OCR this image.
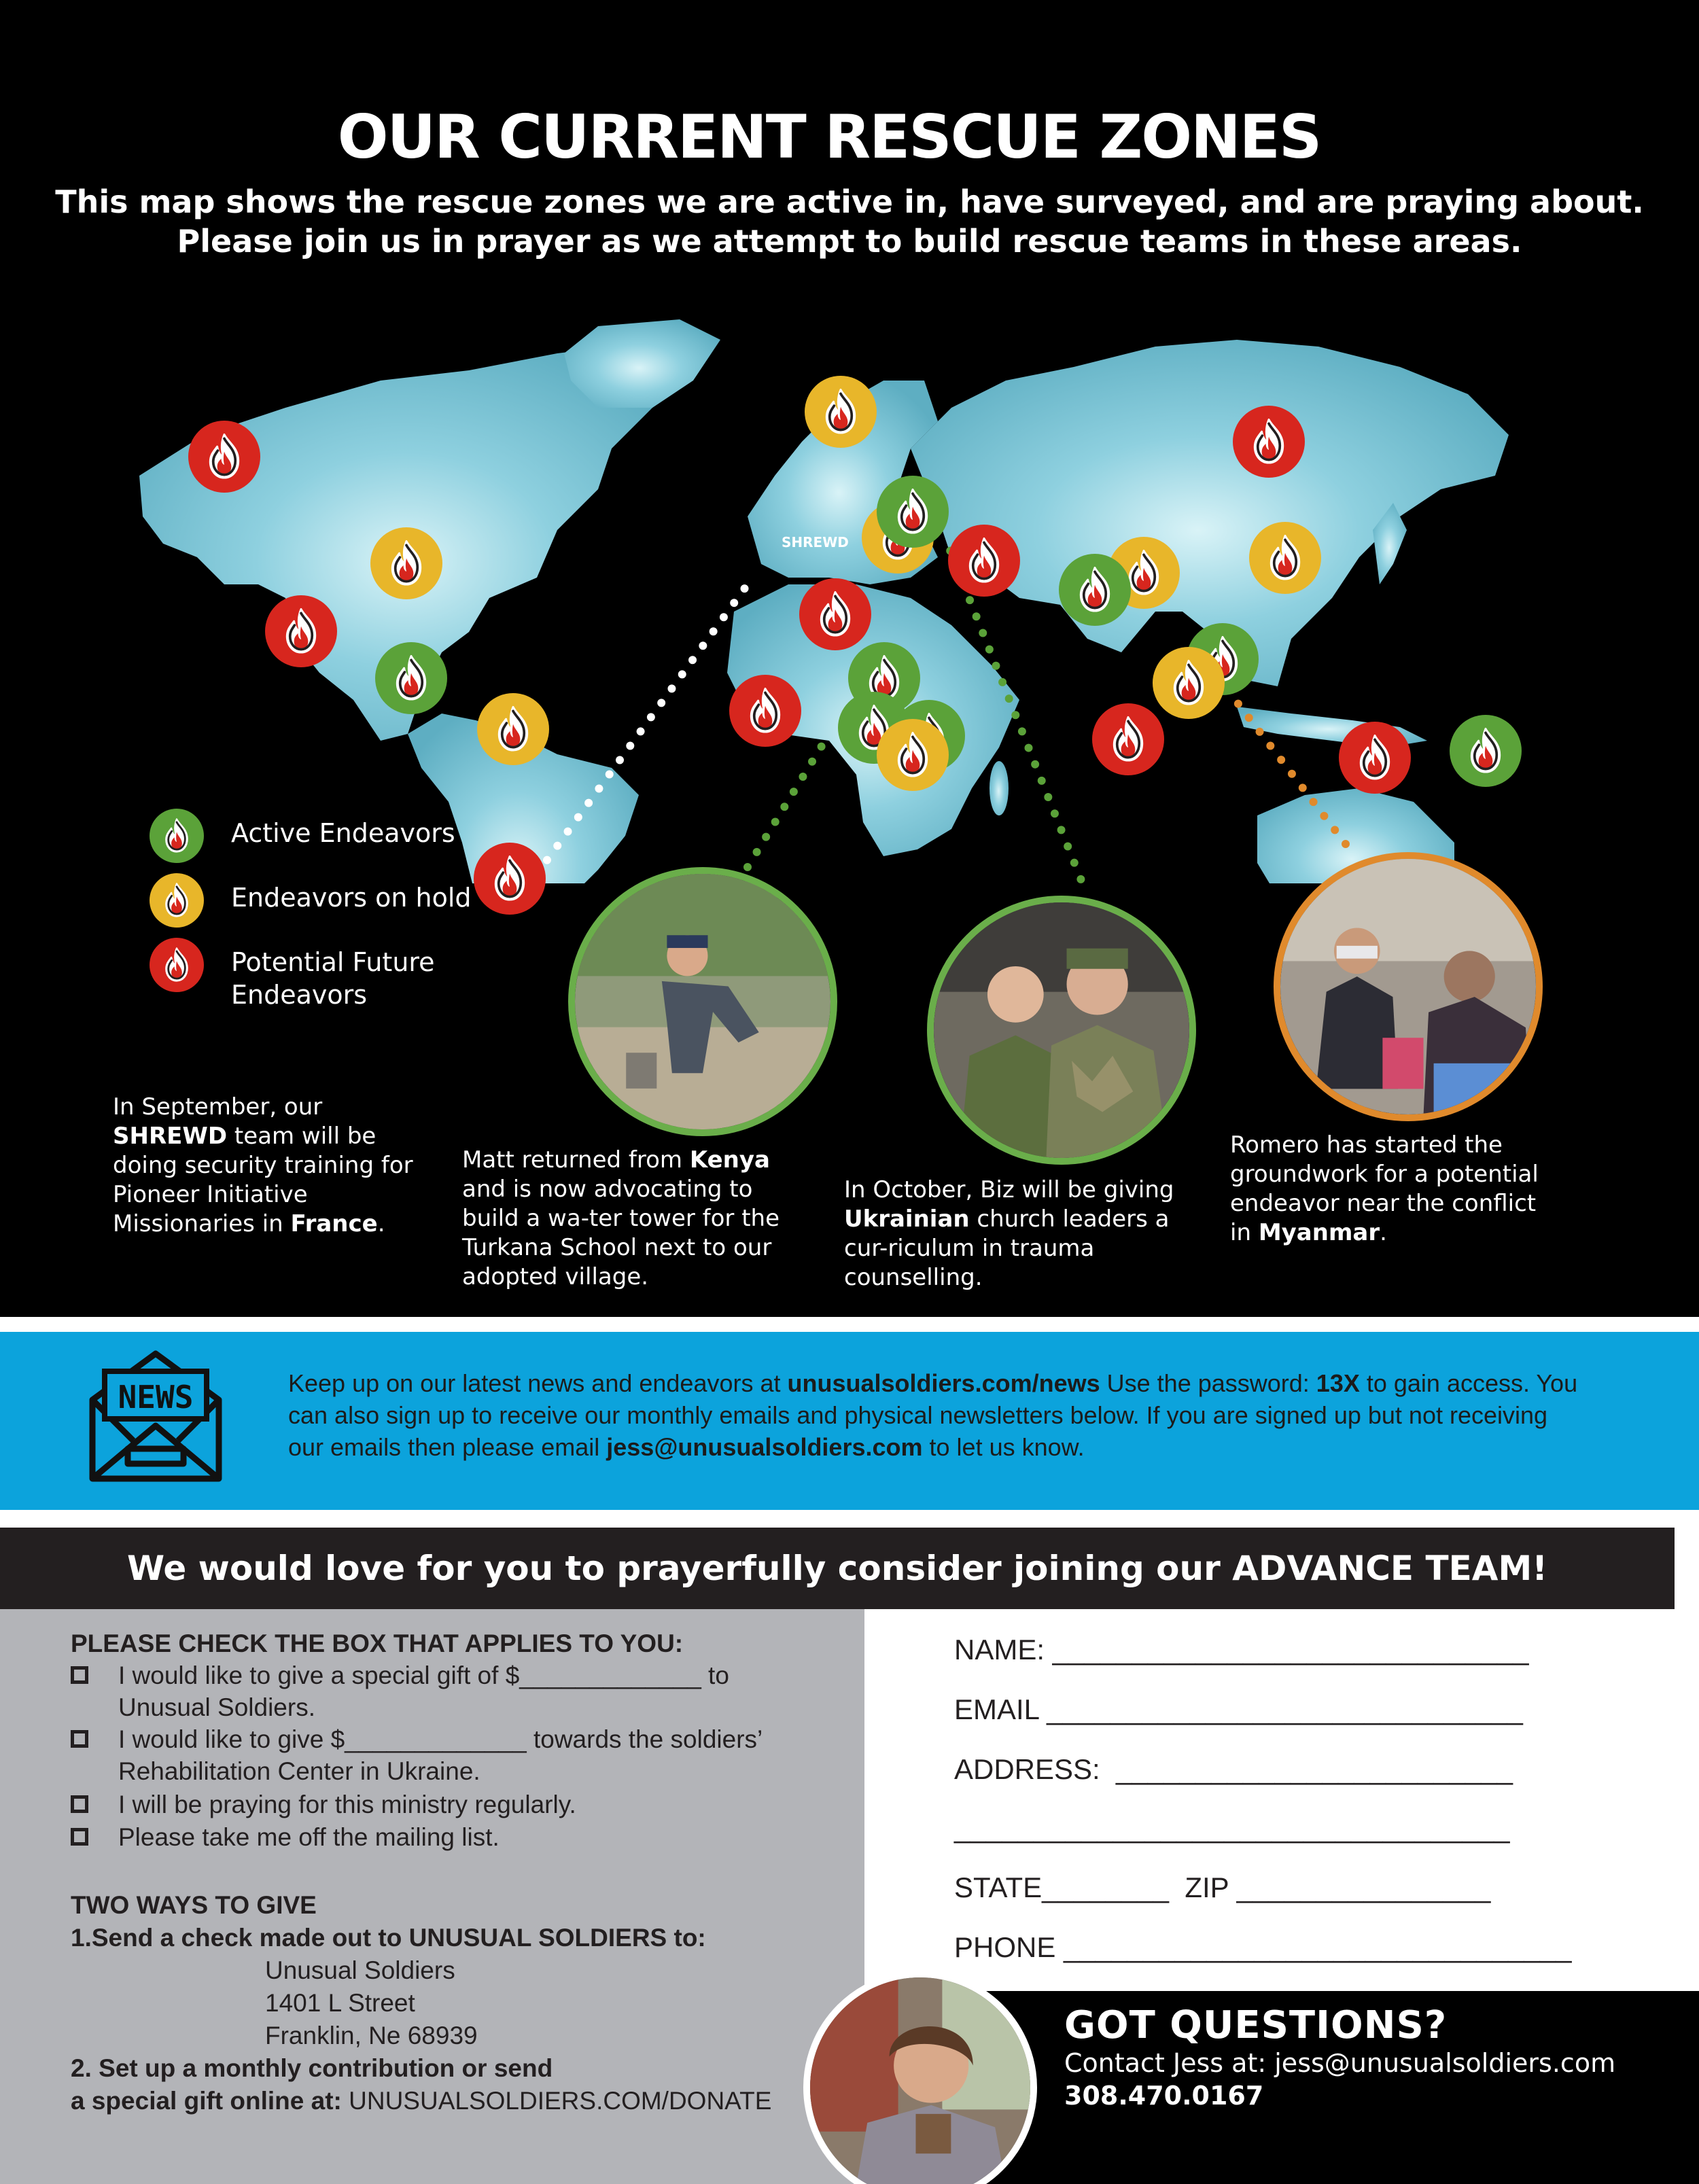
OUR CURRENT RESCUE ZONES
This map shows the rescue zones we are active in, have surveyed, and are praying about.
Please join us in prayer as we attempt to build rescue teams in these areas.
SHREWD
Active Endeavors
Endeavors on hold
Potential Future
Endeavors
In September, our SHREWD team will be doing security training for Pioneer Initiative Missionaries in France.
Matt returned from Kenya and is now advocating to build a wa-ter tower for the Turkana School next to our adopted village.
In October, Biz will be giving Ukrainian church leaders a cur-riculum in trauma counselling.
Romero has started the groundwork for a potential endeavor near the conflict in Myanmar.
NEWS	Keep up on our latest news and endeavors at unusualsoldiers.com/news Use the password: 13X to gain access. You can also sign up to receive our monthly emails and physical newsletters below. If you are signed up but not receiving our emails then please email jess@unusualsoldiers.com to let us know.
We would love for you to prayerfully consider joining our ADVANCE TEAM!
PLEASE CHECK THE BOX THAT APPLIES TO YOU:
I would like to give a special gift of $_____________ to
Unusual Soldiers.
I would like to give $_____________ towards the soldiers’
Rehabilitation Center in Ukraine.
I will be praying for this ministry regularly.
Please take me off the mailing list.
TWO WAYS TO GIVE
1.Send a check made out to UNUSUAL SOLDIERS to:
Unusual Soldiers
1401 L Street
Franklin, Ne 68939
2. Set up a monthly contribution or send
a special gift online at: UNUSUALSOLDIERS.COM/DONATE
NAME: ______________________________
EMAIL ______________________________
ADDRESS:  _________________________
___________________________________
STATE________  ZIP ________________
PHONE ________________________________
GOT QUESTIONS?
Contact Jess at: jess@unusualsoldiers.com
308.470.0167
